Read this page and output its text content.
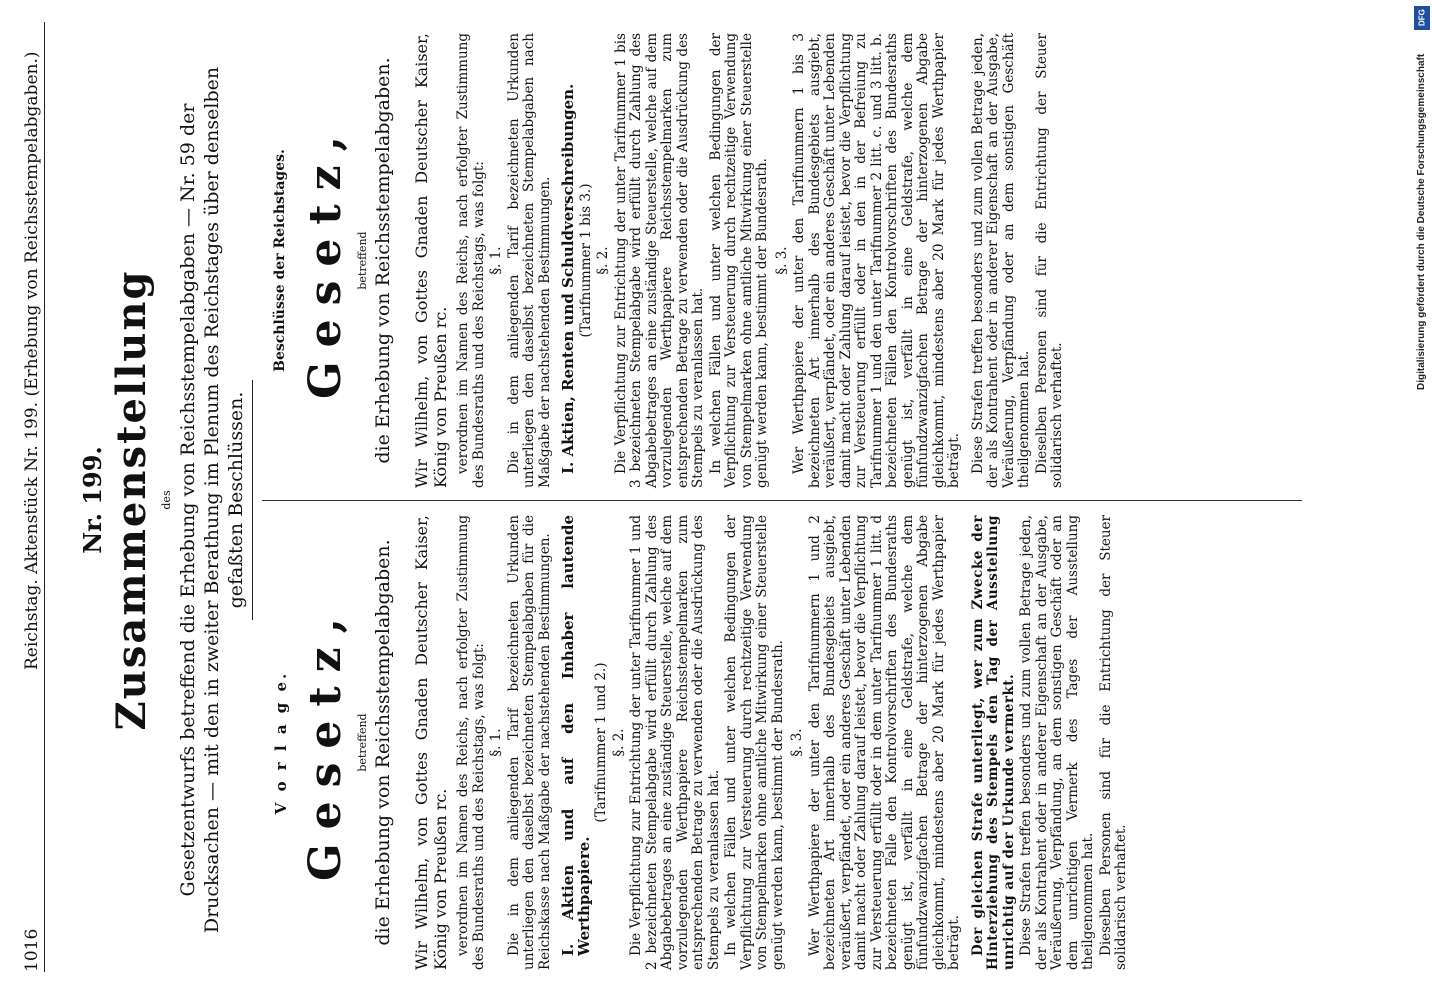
1016
Reichstag. Aktenstück Nr. 199. (Erhebung von Reichsstempelabgaben.) Nr. 199. Zusammenstellung des Gesetzentwurfs betreffend die Erhebung von Reichsstempelabgaben — Nr. 59 der Drucksachen — mit den in zweiter Berathung im Plenum des Reichstages über denselben gefaßten Beschlüssen.
V o r l a g e. Gesetz, betreffend die Erhebung von Reichsstempelabgaben. Wir Wilhelm, von Gottes Gnaden Deutscher Kaiser, König von Preußen rc. verordnen im Namen des Reichs, nach erfolgter Zustimmung des Bundesraths und des Reichstags, was folgt: §. 1. Die in dem anliegenden Tarif bezeichneten Urkunden unterliegen den daselbst bezeichneten Stempelabgaben für die Reichskasse nach Maßgabe der nachstehenden Bestimmungen. I. Aktien und auf den Inhaber lautende Werthpapiere.
(Tarifnummer 1 und 2.) §. 2. Die Verpflichtung zur Entrichtung der unter Tarifnummer 1 und 2 bezeichneten Stempelabgabe wird erfüllt durch Zahlung des Abgabebetrages an eine zuständige Steuerstelle, welche auf dem vorzulegenden Werthpapiere Reichsstempelmarken zum entsprechenden Betrage zu verwenden oder die Ausdrückung des Stempels zu veranlassen hat. In welchen Fällen und unter welchen Bedingungen der Verpflichtung zur Versteuerung durch rechtzeitige Verwendung von Stempelmarken ohne amtliche Mitwirkung einer Steuerstelle genügt werden kann, bestimmt der Bundesrath. §. 3. Wer Werthpapiere der unter den Tarifnummern 1 und 2 bezeichneten Art innerhalb des Bundesgebiets ausgiebt, veräußert, verpfändet, oder ein anderes Geschäft unter Lebenden damit macht oder Zahlung darauf leistet, bevor die Verpflichtung zur Versteuerung erfüllt oder in dem unter Tarifnummer 1 litt. d bezeichneten Falle den Kontrolvorschriften des Bundesraths genügt ist, verfällt in eine Geldstrafe, welche dem fünfundzwanzigfachen Betrage der hinterzogenen Abgabe gleichkommt, mindestens aber 20 Mark für jedes Werthpapier beträgt. Der gleichen Strafe unterliegt, wer zum Zwecke der Hinterziehung des Stempels den Tag der Ausstellung unrichtig auf der Urkunde vermerkt. Diese Strafen treffen besonders und zum vollen Betrage jeden, der als Kontrahent oder in anderer Eigenschaft an der Ausgabe, Veräußerung, Verpfändung, an dem sonstigen Geschäft oder an dem unrichtigen Vermerk des Tages der Ausstellung theilgenommen hat. Dieselben Personen sind für die Entrichtung der Steuer solidarisch verhaftet.

Beschlüsse der Reichstages. Gesetz, betreffend die Erhebung von Reichsstempelabgaben. Wir Wilhelm, von Gottes Gnaden Deutscher Kaiser, König von Preußen rc. verordnen im Namen des Reichs, nach erfolgter Zustimmung des Bundesraths und des Reichstags, was folgt: §. 1. Die in dem anliegenden Tarif bezeichneten Urkunden unterliegen den daselbst bezeichneten Stempelabgaben nach Maßgabe der nachstehenden Bestimmungen. I. Aktien, Renten und Schuldverschreibungen. (Tarifnummer 1 bis 3.) §. 2. Die Verpflichtung zur Entrichtung der unter Tarifnummer 1 bis 3 bezeichneten Stempelabgabe wird erfüllt durch Zahlung des Abgabebetrages an eine zuständige Steuerstelle, welche auf dem vorzulegenden Werthpapiere Reichsstempelmarken zum entsprechenden Betrage zu verwenden oder die Ausdrückung des Stempels zu veranlassen hat. In welchen Fällen und unter welchen Bedingungen der Verpflichtung zur Versteuerung durch rechtzeitige Verwendung von Stempelmarken ohne amtliche Mitwirkung einer Steuerstelle genügt werden kann, bestimmt der Bundesrath. §. 3. Wer Werthpapiere der unter den Tarifnummern 1 bis 3 bezeichneten Art innerhalb des Bundesgebiets ausgiebt, veräußert, verpfändet, oder ein anderes Geschäft unter Lebenden damit macht oder Zahlung darauf leistet, bevor die Verpflichtung zur Versteuerung erfüllt oder in den in der Befreiung zu Tarifnummer 1 und den unter Tarifnummer 2 litt. c. und 3 litt. b. bezeichneten Fällen den Kontrolvorschriften des Bundesraths genügt ist, verfällt in eine Geldstrafe, welche dem fünfundzwanzigfachen Betrage der hinterzogenen Abgabe gleichkommt, mindestens aber 20 Mark für jedes Werthpapier beträgt. Diese Strafen treffen besonders und zum vollen Betrage jeden, der als Kontrahent oder in anderer Eigenschaft an der Ausgabe, Veräußerung, Verpfändung oder an dem sonstigen Geschäft theilgenommen hat. Dieselben Personen sind für die Entrichtung der Steuer solidarisch verhaftet.

DFG
Digitalisierung gefördert durch die Deutsche Forschungsgemeinschaft
